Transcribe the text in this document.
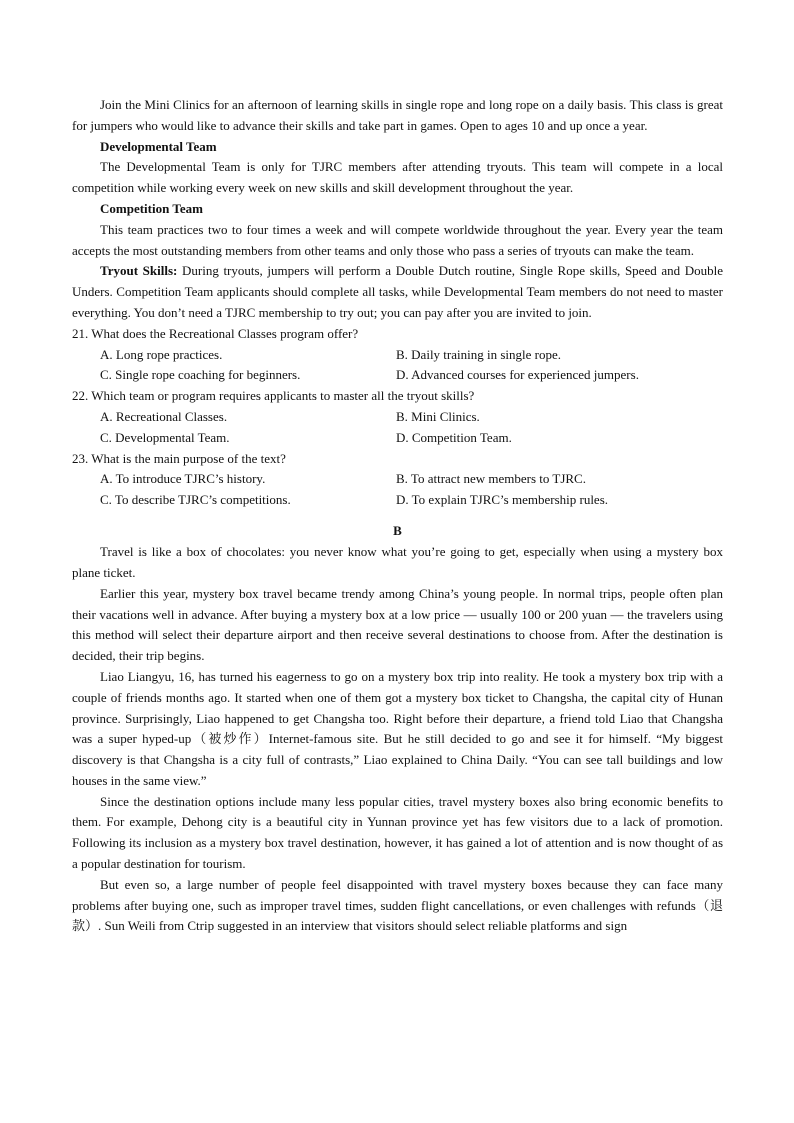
Join the Mini Clinics for an afternoon of learning skills in single rope and long rope on a daily basis. This class is great for jumpers who would like to advance their skills and take part in games. Open to ages 10 and up once a year.

Developmental Team

The Developmental Team is only for TJRC members after attending tryouts. This team will compete in a local competition while working every week on new skills and skill development throughout the year.

Competition Team

This team practices two to four times a week and will compete worldwide throughout the year. Every year the team accepts the most outstanding members from other teams and only those who pass a series of tryouts can make the team.

Tryout Skills: During tryouts, jumpers will perform a Double Dutch routine, Single Rope skills, Speed and Double Unders. Competition Team applicants should complete all tasks, while Developmental Team members do not need to master everything. You don’t need a TJRC membership to try out; you can pay after you are invited to join.

21. What does the Recreational Classes program offer?

A. Long rope practices.	B. Daily training in single rope.
C. Single rope coaching for beginners.	D. Advanced courses for experienced jumpers.

22. Which team or program requires applicants to master all the tryout skills?

A. Recreational Classes.	B. Mini Clinics.
C. Developmental Team.	D. Competition Team.

23. What is the main purpose of the text?

A. To introduce TJRC’s history.	B. To attract new members to TJRC.
C. To describe TJRC’s competitions.	D. To explain TJRC’s membership rules.

B

Travel is like a box of chocolates: you never know what you’re going to get, especially when using a mystery box plane ticket.

Earlier this year, mystery box travel became trendy among China’s young people. In normal trips, people often plan their vacations well in advance. After buying a mystery box at a low price — usually 100 or 200 yuan — the travelers using this method will select their departure airport and then receive several destinations to choose from. After the destination is decided, their trip begins.

Liao Liangyu, 16, has turned his eagerness to go on a mystery box trip into reality. He took a mystery box trip with a couple of friends months ago. It started when one of them got a mystery box ticket to Changsha, the capital city of Hunan province. Surprisingly, Liao happened to get Changsha too. Right before their departure, a friend told Liao that Changsha was a super hyped-up（被炒作）Internet-famous site. But he still decided to go and see it for himself. “My biggest discovery is that Changsha is a city full of contrasts,” Liao explained to China Daily. “You can see tall buildings and low houses in the same view.”

Since the destination options include many less popular cities, travel mystery boxes also bring economic benefits to them. For example, Dehong city is a beautiful city in Yunnan province yet has few visitors due to a lack of promotion. Following its inclusion as a mystery box travel destination, however, it has gained a lot of attention and is now thought of as a popular destination for tourism.

But even so, a large number of people feel disappointed with travel mystery boxes because they can face many problems after buying one, such as improper travel times, sudden flight cancellations, or even challenges with refunds（退款）. Sun Weili from Ctrip suggested in an interview that visitors should select reliable platforms and sign
